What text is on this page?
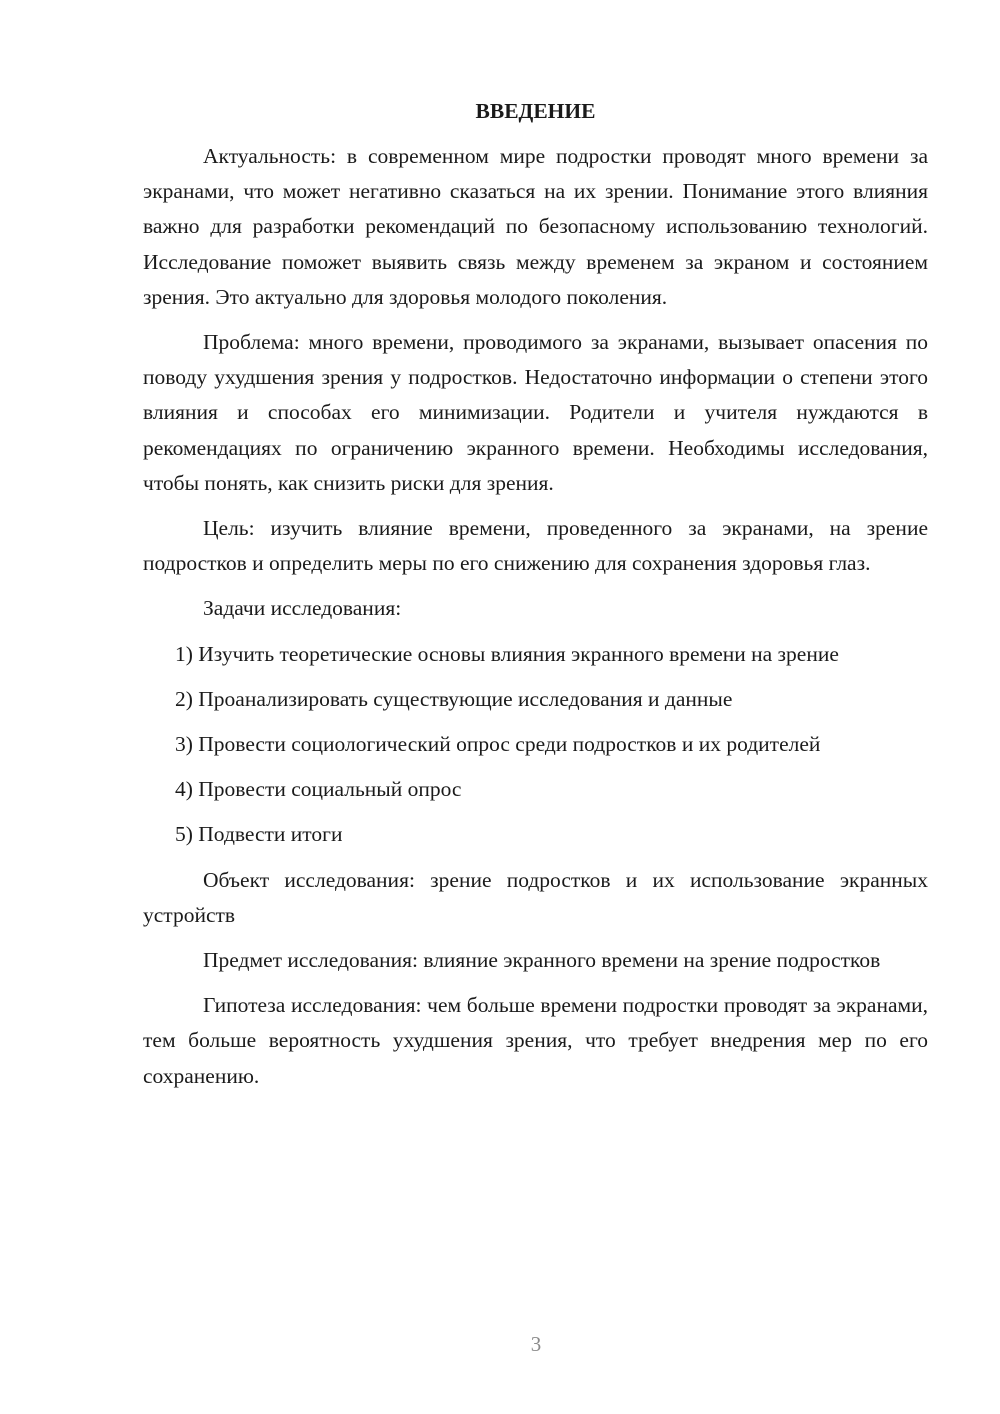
ВВЕДЕНИЕ

Актуальность: в современном мире подростки проводят много времени за экранами, что может негативно сказаться на их зрении. Понимание этого влияния важно для разработки рекомендаций по безопасному использованию технологий. Исследование поможет выявить связь между временем за экраном и состоянием зрения. Это актуально для здоровья молодого поколения.

Проблема: много времени, проводимого за экранами, вызывает опасения по поводу ухудшения зрения у подростков. Недостаточно информации о степени этого влияния и способах его минимизации. Родители и учителя нуждаются в рекомендациях по ограничению экранного времени. Необходимы исследования, чтобы понять, как снизить риски для зрения.

Цель: изучить влияние времени, проведенного за экранами, на зрение подростков и определить меры по его снижению для сохранения здоровья глаз.

Задачи исследования:

1) Изучить теоретические основы влияния экранного времени на зрение

2) Проанализировать существующие исследования и данные

3) Провести социологический опрос среди подростков и их родителей

4) Провести социальный опрос

5) Подвести итоги

Объект исследования: зрение подростков и их использование экранных устройств

Предмет исследования: влияние экранного времени на зрение подростков

Гипотеза исследования: чем больше времени подростки проводят за экранами, тем больше вероятность ухудшения зрения, что требует внедрения мер по его сохранению.

3
